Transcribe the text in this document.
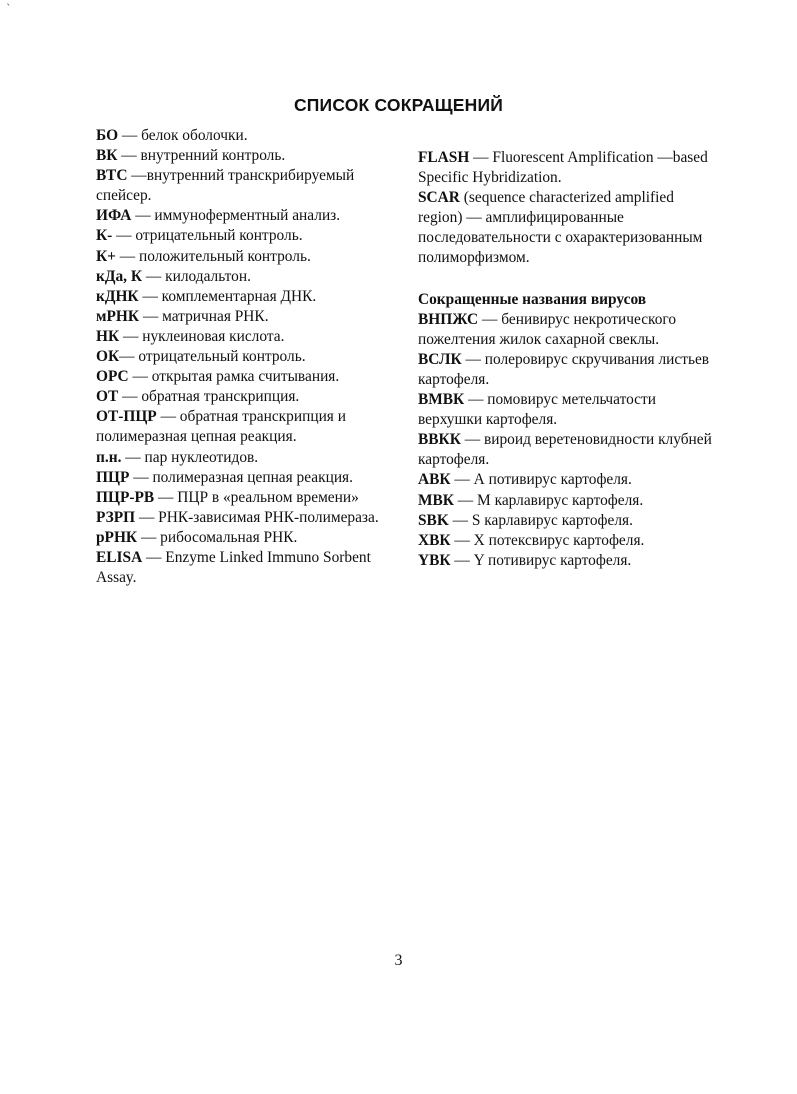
`
СПИСОК СОКРАЩЕНИЙ

БО — белок оболочки.

ВК — внутренний контроль.

ВТС —внутренний транскрибируемый спейсер.

ИФА — иммуноферментный анализ.

К- — отрицательный контроль.

К+ — положительный контроль.

кДа, К — килодальтон.

кДНК — комплементарная ДНК.

мРНК — матричная РНК.

НК — нуклеиновая кислота.

ОК— отрицательный контроль.

ОРС — открытая рамка считывания.

ОТ — обратная транскрипция.

ОТ-ПЦР — обратная транскрипция и полимеразная цепная реакция.

п.н. — пар нуклеотидов.

ПЦР — полимеразная цепная реакция.

ПЦР-РВ — ПЦР в «реальном времени»

РЗРП — РНК-зависимая РНК-полимераза.

рРНК — рибосомальная РНК.

ELISA — Enzyme Linked Immuno Sorbent Assay.

FLASH — Fluorescent Amplification —based Specific Hybridization.

SCAR (sequence characterized amplified region) — амплифицированные последовательности с охарактеризованным полиморфизмом.

Сокращенные названия вирусов

ВНПЖС — бенивирус некротического пожелтения жилок сахарной свеклы.

ВСЛК — полеровирус скручивания листьев картофеля.

ВМВК — помовирус метельчатости верхушки картофеля.

ВВКК — вироид веретеновидности клубней картофеля.

АВК — А потивирус картофеля.

МВК — М карлавирус картофеля.

SBK — S карлавирус картофеля.

ХВК — Х потексвирус картофеля.

YВК — Y потивирус картофеля.

3
